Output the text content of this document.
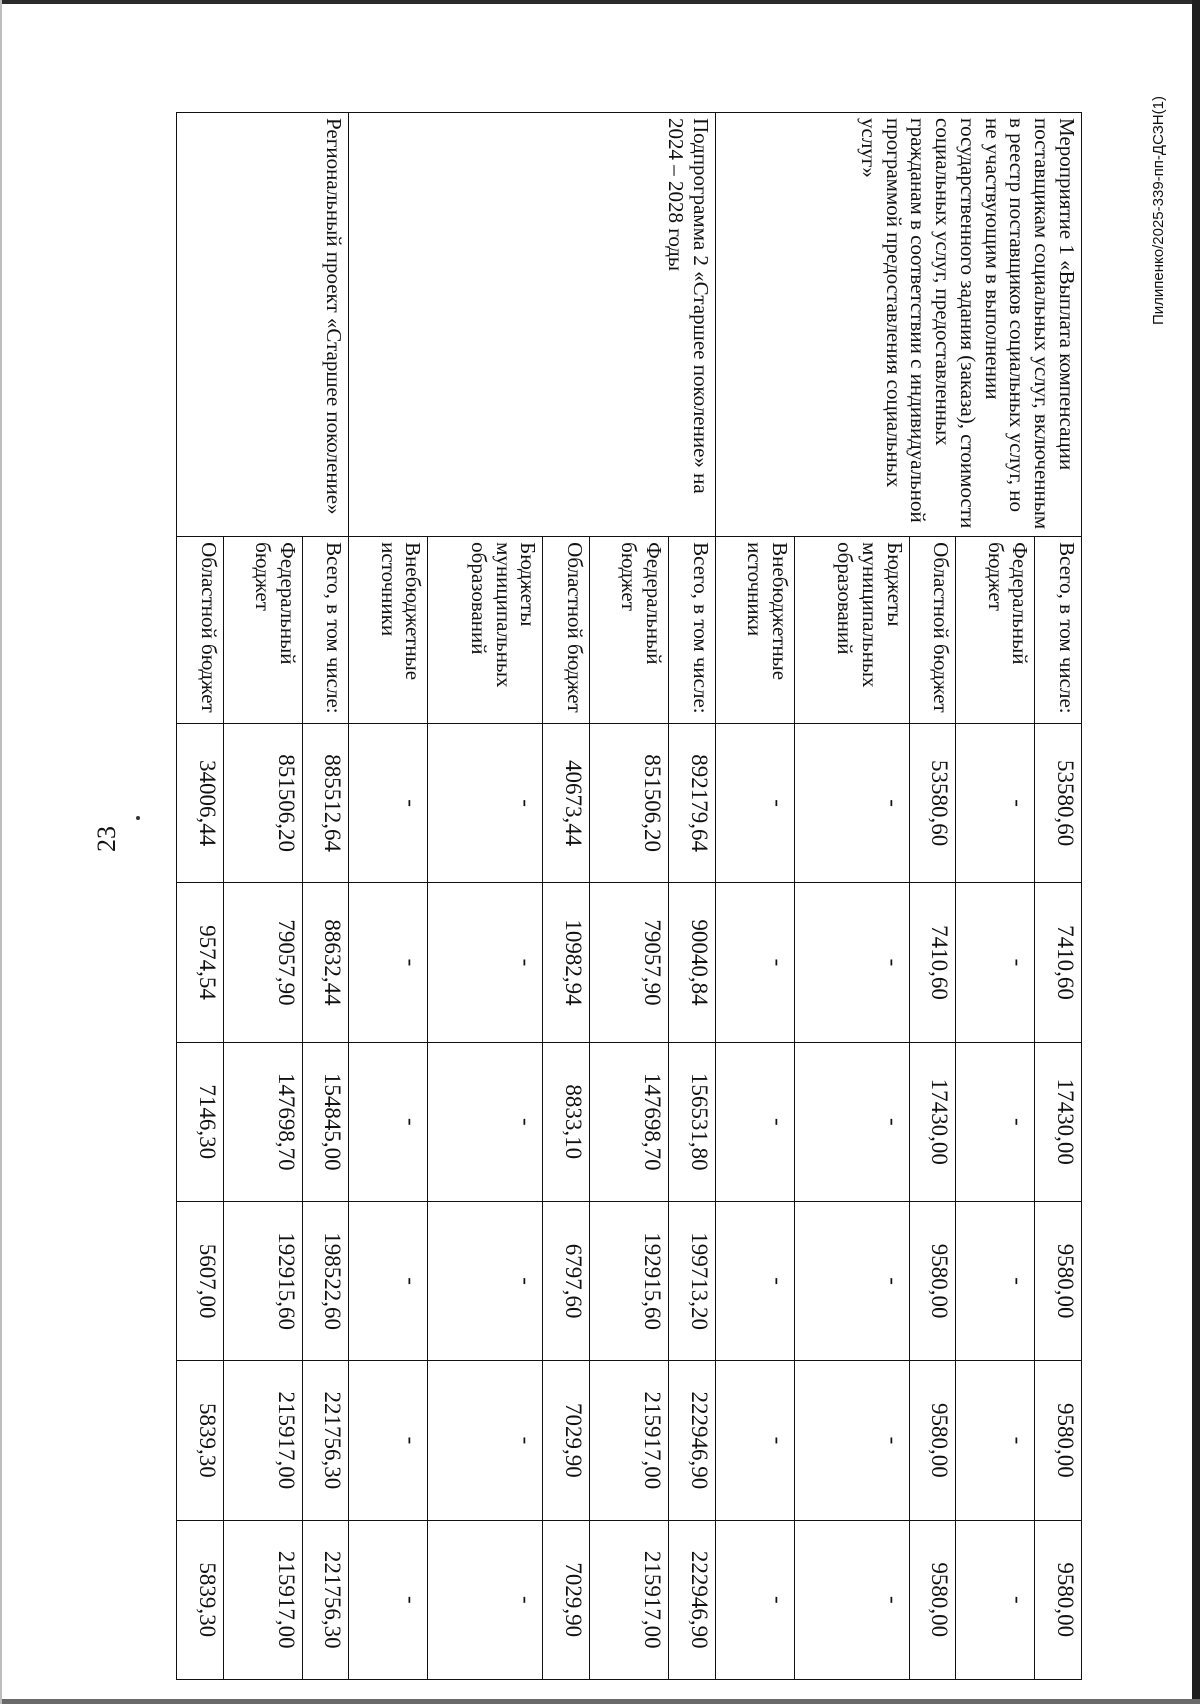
23
Пилипенко/2025-339-пп-ДСЗН(1)
Мероприятие 1 «Выплата компенсации поставщикам социальных услуг, включенным в реестр поставщиков социальных услуг, но не участвующим в выполнении государственного задания (заказа), стоимости социальных услуг, предоставленных гражданам в соответствии с индивидуальной программой предоставления социальных услуг»	Всего, в том числе:	53580,60	7410,60	17430,00	9580,00	9580,00	9580,00
	Федеральный бюджет	-	-	-	-	-	-
	Областной бюджет	53580,60	7410,60	17430,00	9580,00	9580,00	9580,00
	Бюджеты муниципальных образований	-	-	-	-	-	-
	Внебюджетные источники	-	-	-	-	-	-
Подпрограмма 2 «Старшее поколение» на 2024 – 2028 годы	Всего, в том числе:	892179,64	90040,84	156531,80	199713,20	222946,90	222946,90
	Федеральный бюджет	851506,20	79057,90	147698,70	192915,60	215917,00	215917,00
	Областной бюджет	40673,44	10982,94	8833,10	6797,60	7029,90	7029,90
	Бюджеты муниципальных образований	-	-	-	-	-	-
	Внебюджетные источники	-	-	-	-	-	-
Региональный проект «Старшее поколение»	Всего, в том числе:	885512,64	88632,44	154845,00	198522,60	221756,30	221756,30
	Федеральный бюджет	851506,20	79057,90	147698,70	192915,60	215917,00	215917,00
	Областной бюджет	34006,44	9574,54	7146,30	5607,00	5839,30	5839,30
